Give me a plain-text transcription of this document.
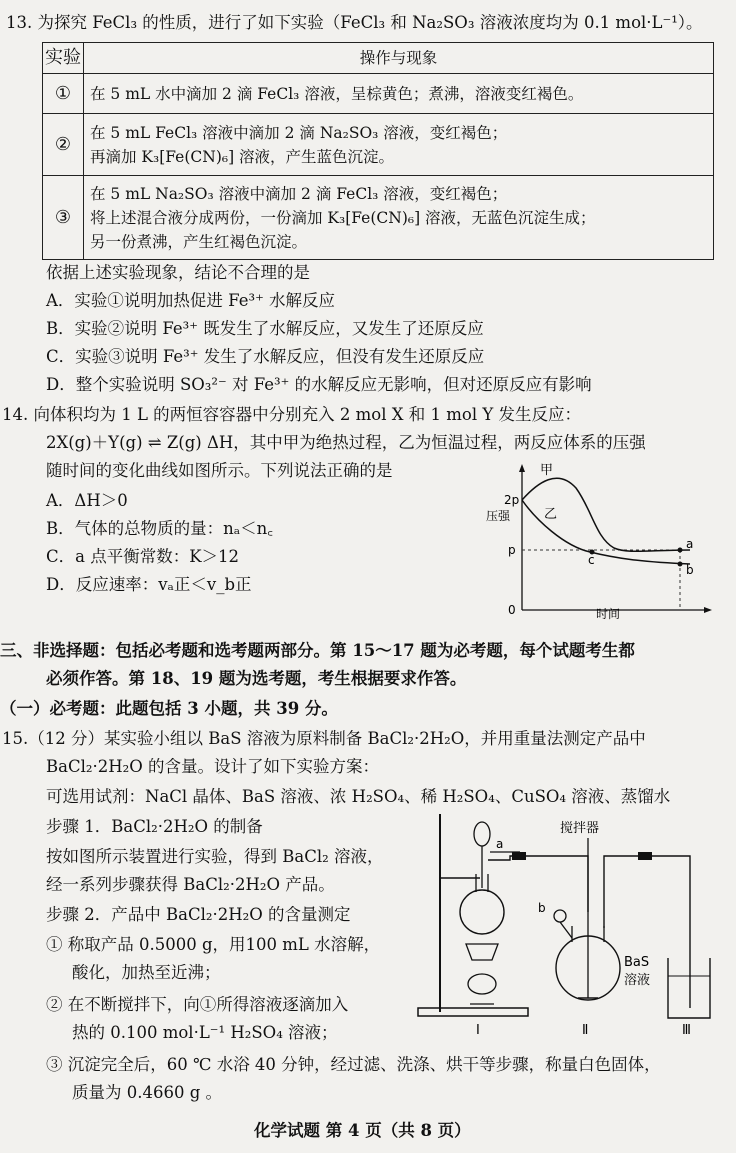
13. 为探究 FeCl₃ 的性质，进行了如下实验（FeCl₃ 和 Na₂SO₃ 溶液浓度均为 0.1 mol·L⁻¹）。
实验	操作与现象
①	在 5 mL 水中滴加 2 滴 FeCl₃ 溶液，呈棕黄色；煮沸，溶液变红褐色。
②	在 5 mL FeCl₃ 溶液中滴加 2 滴 Na₂SO₃ 溶液，变红褐色；
再滴加 K₃[Fe(CN)₆] 溶液，产生蓝色沉淀。

③	在 5 mL Na₂SO₃ 溶液中滴加 2 滴 FeCl₃ 溶液，变红褐色；
将上述混合液分成两份，一份滴加 K₃[Fe(CN)₆] 溶液，无蓝色沉淀生成；
另一份煮沸，产生红褐色沉淀。
依据上述实验现象，结论不合理的是
A．实验①说明加热促进 Fe³⁺ 水解反应
B．实验②说明 Fe³⁺ 既发生了水解反应，又发生了还原反应
C．实验③说明 Fe³⁺ 发生了水解反应，但没有发生还原反应
D．整个实验说明 SO₃²⁻ 对 Fe³⁺ 的水解反应无影响，但对还原反应有影响
14. 向体积均为 1 L 的两恒容容器中分别充入 2 mol X 和 1 mol Y 发生反应：
2X(g)＋Y(g) ⇌ Z(g) ΔH，其中甲为绝热过程，乙为恒温过程，两反应体系的压强
随时间的变化曲线如图所示。下列说法正确的是
A．ΔH＞0
B．气体的总物质的量：nₐ＜n꜀
C．a 点平衡常数：K＞12
D．反应速率：vₐ正＜v_b正
2p
p
0
压强
时间
甲
乙
a
b
c
三、非选择题：包括必考题和选考题两部分。第 15～17 题为必考题，每个试题考生都
必须作答。第 18、19 题为选考题，考生根据要求作答。
（一）必考题：此题包括 3 小题，共 39 分。
15.（12 分）某实验小组以 BaS 溶液为原料制备 BaCl₂·2H₂O，并用重量法测定产品中
BaCl₂·2H₂O 的含量。设计了如下实验方案：
可选用试剂：NaCl 晶体、BaS 溶液、浓 H₂SO₄、稀 H₂SO₄、CuSO₄ 溶液、蒸馏水
步骤 1．BaCl₂·2H₂O 的制备
按如图所示装置进行实验，得到 BaCl₂ 溶液，
经一系列步骤获得 BaCl₂·2H₂O 产品。
步骤 2．产品中 BaCl₂·2H₂O 的含量测定
① 称取产品 0.5000 g，用100 mL 水溶解，
酸化，加热至近沸；
② 在不断搅拌下，向①所得溶液逐滴加入
热的 0.100 mol·L⁻¹ H₂SO₄ 溶液；
③ 沉淀完全后，60 ℃ 水浴 40 分钟，经过滤、洗涤、烘干等步骤，称量白色固体，
质量为 0.4660 g 。
a
b
搅拌器
BaS
溶液
Ⅰ	Ⅱ	Ⅲ
化学试题 第 4 页（共 8 页）
